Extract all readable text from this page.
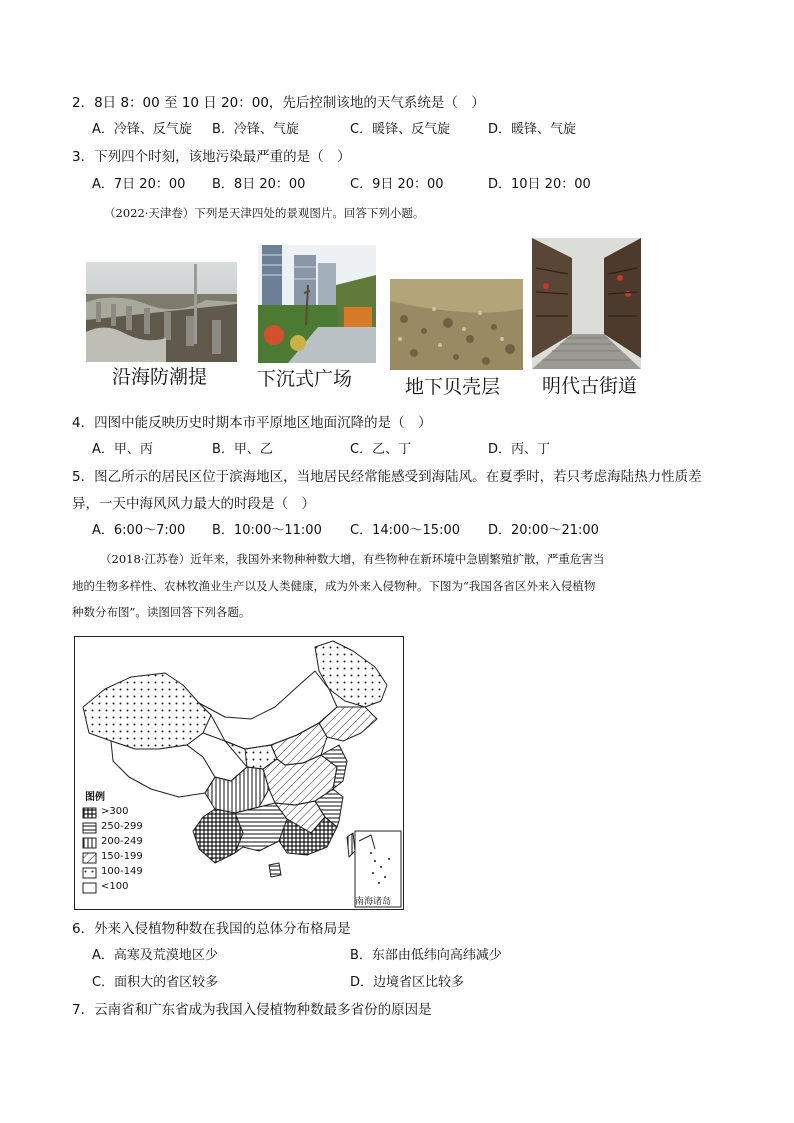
2．8日 8：00 至 10 日 20：00，先后控制该地的天气系统是（　）
A．冷锋、反气旋 B．冷锋、气旋	C．暖锋、反气旋	D．暖锋、气旋
3．下列四个时刻，该地污染最严重的是（　）
A．7日 20：00 B．8日 20：00	C．9日 20：00	D．10日 20：00
（2022·天津卷）下列是天津四处的景观图片。回答下列小题。
沿海防潮提	下沉式广场	地下贝壳层 明代古街道
4．四图中能反映历史时期本市平原地区地面沉降的是（　）
A．甲、丙	B．甲、乙	C．乙、丁	D．丙、丁
5．图乙所示的居民区位于滨海地区，当地居民经常能感受到海陆风。在夏季时，若只考虑海陆热力性质差
异，一天中海风风力最大的时段是（　）
A．6:00～7:00 B．10:00～11:00 C．14:00～15:00 D．20:00～21:00
（2018·江苏卷）近年来，我国外来物种种数大增，有些物种在新环境中急剧繁殖扩散，严重危害当
地的生物多样性、农林牧渔业生产以及人类健康，成为外来入侵物种。下图为“我国各省区外来入侵植物
种数分布图”。读图回答下列各题。
图例
>300
250-299
200-249
150-199
100-149
<100
南海诸岛
6．外来入侵植物种数在我国的总体分布格局是
A．高寒及荒漠地区少	B．东部由低纬向高纬减少
C．面积大的省区较多	D．边境省区比较多
7．云南省和广东省成为我国入侵植物种数最多省份的原因是
